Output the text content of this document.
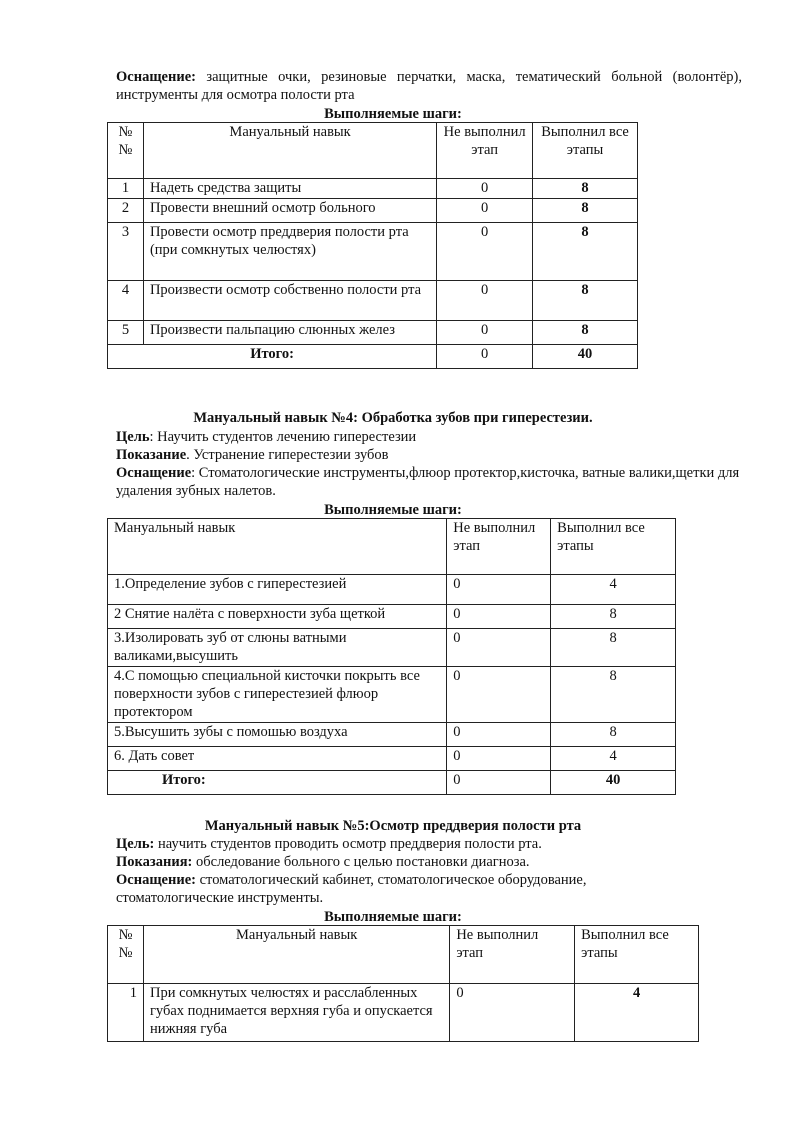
Оснащение: защитные очки, резиновые перчатки, маска, тематический больной (волонтёр), инструменты для осмотра полости рта
Выполняемые шаги:
№ №	Мануальный навык	Не выполнил этап	Выполнил все этапы
1	Надеть средства защиты	0	8
2	Провести внешний осмотр больного	0	8
3	Провести осмотр преддверия полости рта (при сомкнутых челюстях)	0	8
4	Произвести осмотр собственно полости рта	0	8
5	Произвести пальпацию слюнных желез	0	8
Итого:		0	40
Мануальный навык №4: Обработка зубов при гиперестезии.
Цель: Научить студентов лечению гиперестезии
Показание. Устранение гиперестезии зубов
Оснащение: Стоматологические инструменты,флюор протектор,кисточка, ватные валики,щетки для удаления зубных налетов.
Выполняемые шаги:
Мануальный навык	Не выполнил этап	Выполнил все этапы
1.Определение зубов с гиперестезией	0	4
2 Снятие налёта с поверхности зуба щеткой	0	8
3.Изолировать зуб от слюны ватными валиками,высушить	0	8
4.С помощью специальной кисточки покрыть все поверхности зубов с гиперестезией флюор протектором	0	8
5.Высушить зубы с помошью воздуха	0	8
6. Дать совет	0	4
Итого:	0	40
Мануальный навык №5:Осмотр преддверия полости рта
Цель: научить студентов проводить осмотр преддверия полости рта.
Показания: обследование больного с целью постановки диагноза.
Оснащение: стоматологический кабинет, стоматологическое оборудование, стоматологические инструменты.
Выполняемые шаги:
№ №	Мануальный навык	Не выполнил этап	Выполнил все этапы
1	При сомкнутых челюстях и расслабленных губах поднимается верхняя губа и опускается нижняя губа	0	4
